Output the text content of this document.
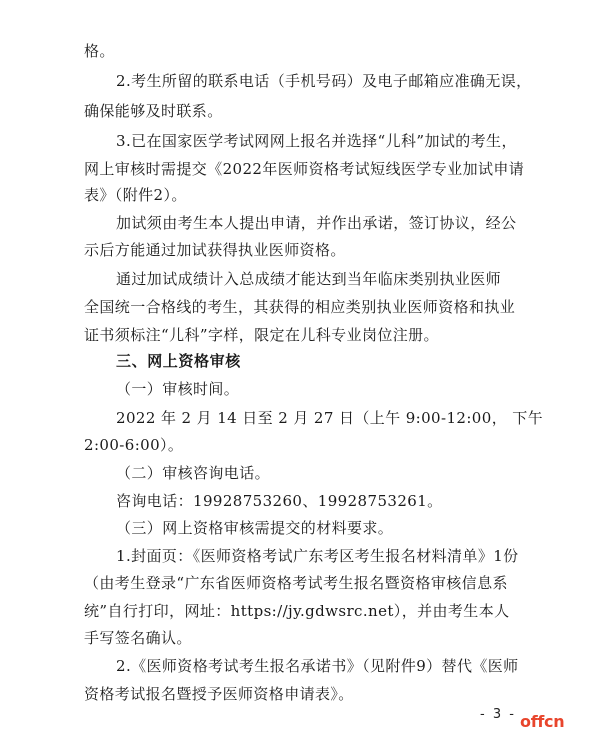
格。
2.考生所留的联系电话（手机号码）及电子邮箱应准确无误，
确保能够及时联系。
3.已在国家医学考试网网上报名并选择“儿科”加试的考生，
网上审核时需提交《2022年医师资格考试短线医学专业加试申请
表》（附件2）。
加试须由考生本人提出申请，并作出承诺，签订协议，经公
示后方能通过加试获得执业医师资格。
通过加试成绩计入总成绩才能达到当年临床类别执业医师
全国统一合格线的考生，其获得的相应类别执业医师资格和执业
证书须标注“儿科”字样，限定在儿科专业岗位注册。
三、网上资格审核
（一）审核时间。
2022 年 2 月 14 日至 2 月 27 日（上午 9:00-12:00， 下午
2:00-6:00）。
（二）审核咨询电话。
咨询电话：19928753260、19928753261。
（三）网上资格审核需提交的材料要求。
1.封面页：《医师资格考试广东考区考生报名材料清单》1份
（由考生登录“广东省医师资格考试考生报名暨资格审核信息系
统”自行打印，网址：https://jy.gdwsrc.net），并由考生本人
手写签名确认。
2.《医师资格考试考生报名承诺书》（见附件9）替代《医师
资格考试报名暨授予医师资格申请表》。
- 3 - offcn
